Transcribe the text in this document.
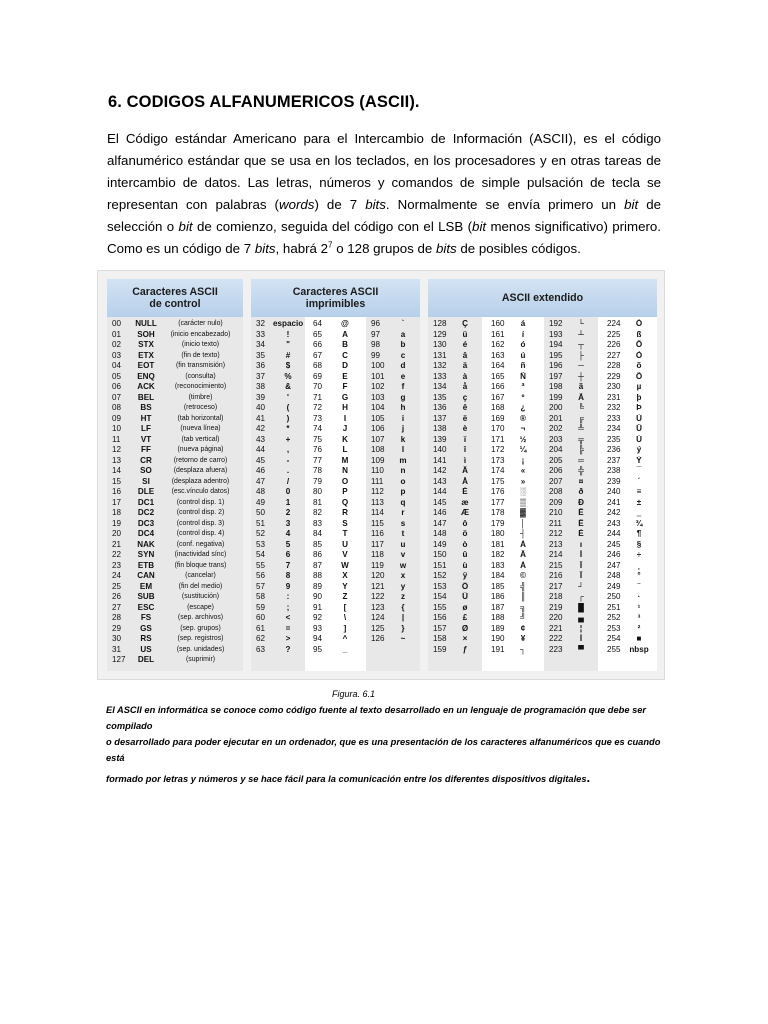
6. CODIGOS ALFANUMERICOS (ASCII).
El Código estándar Americano para el Intercambio de Información (ASCII), es el código alfanumérico estándar que se usa en los teclados, en los procesadores y en otras tareas de intercambio de datos. Las letras, números y comandos de simple pulsación de tecla se representan con palabras (words) de 7 bits. Normalmente se envía primero un bit de selección o bit de comienzo, seguida del código con el LSB (bit menos significativo) primero. Como es un código de 7 bits, habrá $2^7$ o 128 grupos de bits de posibles códigos.
Caracteres ASCII
de control
00	NULL	(carácter nulo)
01	SOH	(inicio encabezado)
02	STX	(inicio texto)
03	ETX	(fin de texto)
04	EOT	(fin transmisión)
05	ENQ	(consulta)
06	ACK	(reconocimiento)
07	BEL	(timbre)
08	BS	(retroceso)
09	HT	(tab horizontal)
10	LF	(nueva línea)
11	VT	(tab vertical)
12	FF	(nueva página)
13	CR	(retorno de carro)
14	SO	(desplaza afuera)
15	SI	(desplaza adentro)
16	DLE	(esc.vínculo datos)
17	DC1	(control disp. 1)
18	DC2	(control disp. 2)
19	DC3	(control disp. 3)
20	DC4	(control disp. 4)
21	NAK	(conf. negativa)
22	SYN	(inactividad sínc)
23	ETB	(fin bloque trans)
24	CAN	(cancelar)
25	EM	(fin del medio)
26	SUB	(sustitución)
27	ESC	(escape)
28	FS	(sep. archivos)
29	GS	(sep. grupos)
30	RS	(sep. registros)
31	US	(sep. unidades)
127	DEL	(suprimir)
Caracteres ASCII
imprimibles
32 espacio
33	!
34	"
35	#
36	$
37	%
38	&
39	'
40	(
41	)
42	*
43	+
44	,
45	-
46	.
47	/
48	0
49	1
50	2
51	3
52	4
53	5
54	6
55	7
56	8
57	9
58	:
59	;
60	<
61	=
62	>
63	?
64	@
65	A
66	B
67	C
68	D
69	E
70	F
71	G
72	H
73	I
74	J
75	K
76	L
77	M
78	N
79	O
80	P
81	Q
82	R
83	S
84	T
85	U
86	V
87	W
88	X
89	Y
90	Z
91	[
92	\
93	]
94	^
95	_
96	`
97	a
98	b
99	c
100	d
101	e
102	f
103	g
104	h
105	i
106	j
107	k
108	l
109	m
110	n
111	o
112	p
113	q
114	r
115	s
116	t
117	u
118	v
119	w
120	x
121	y
122	z
123	{
124	|
125	}
126	~
ASCII extendido
128	Ç
129	ü
130	é
131	â
132	ä
133	à
134	å
135	ç
136	ê
137	ë
138	è
139	ï
140	î
141	ì
142	Ä
143	Å
144	É
145	æ
146	Æ
147	ô
148	ö
149	ò
150	û
151	ù
152	ÿ
153	Ö
154	Ü
155	ø
156	£
157	Ø
158	×
159	ƒ
160	á
161	í
162	ó
163	ú
164	ñ
165	Ñ
166	ª
167	º
168	¿
169	®
170	¬
171	½
172	¼
173	¡
174	«
175	»
176	░
177	▒
178	▓
179	│
180	┤
181	Á
182	Â
183	À
184	©
185	╣
186	║
187	╗
188	╝
189	¢
190	¥
191	┐
192	└
193	┴
194	┬
195	├
196	─
197	┼
198	ã
199	Ã
200	╚
201	╔
202	╩
203	╦
204	╠
205	═
206	╬
207	¤
208	ð
209	Ð
210	Ê
211	Ë
212	È
213	ı
214	Í
215	Î
216	Ï
217	┘
218	┌
219	█
220	▄
221	¦
222	Ì
223	▀
224	Ó
225	ß
226	Ô
227	Ò
228	õ
229	Õ
230	µ
231	þ
232	Þ
233	Ú
234	Û
235	Ù
236	ý
237	Ý
238	¯
239	´
240	≡
241	±
242	‗
243	¾
244	¶
245	§
246	÷
247	¸
248	°
249	¨
250	·
251	¹
252	³
253	²
254	■
255	nbsp
Figura. 6.1
El ASCII en informática se conoce como código fuente al texto desarrollado en un lenguaje de programación que debe ser compilado
o desarrollado para poder ejecutar en un ordenador, que es una presentación de los caracteres alfanuméricos que es cuando está
formado por letras y números y se hace fácil para la comunicación entre los diferentes dispositivos digitales.
